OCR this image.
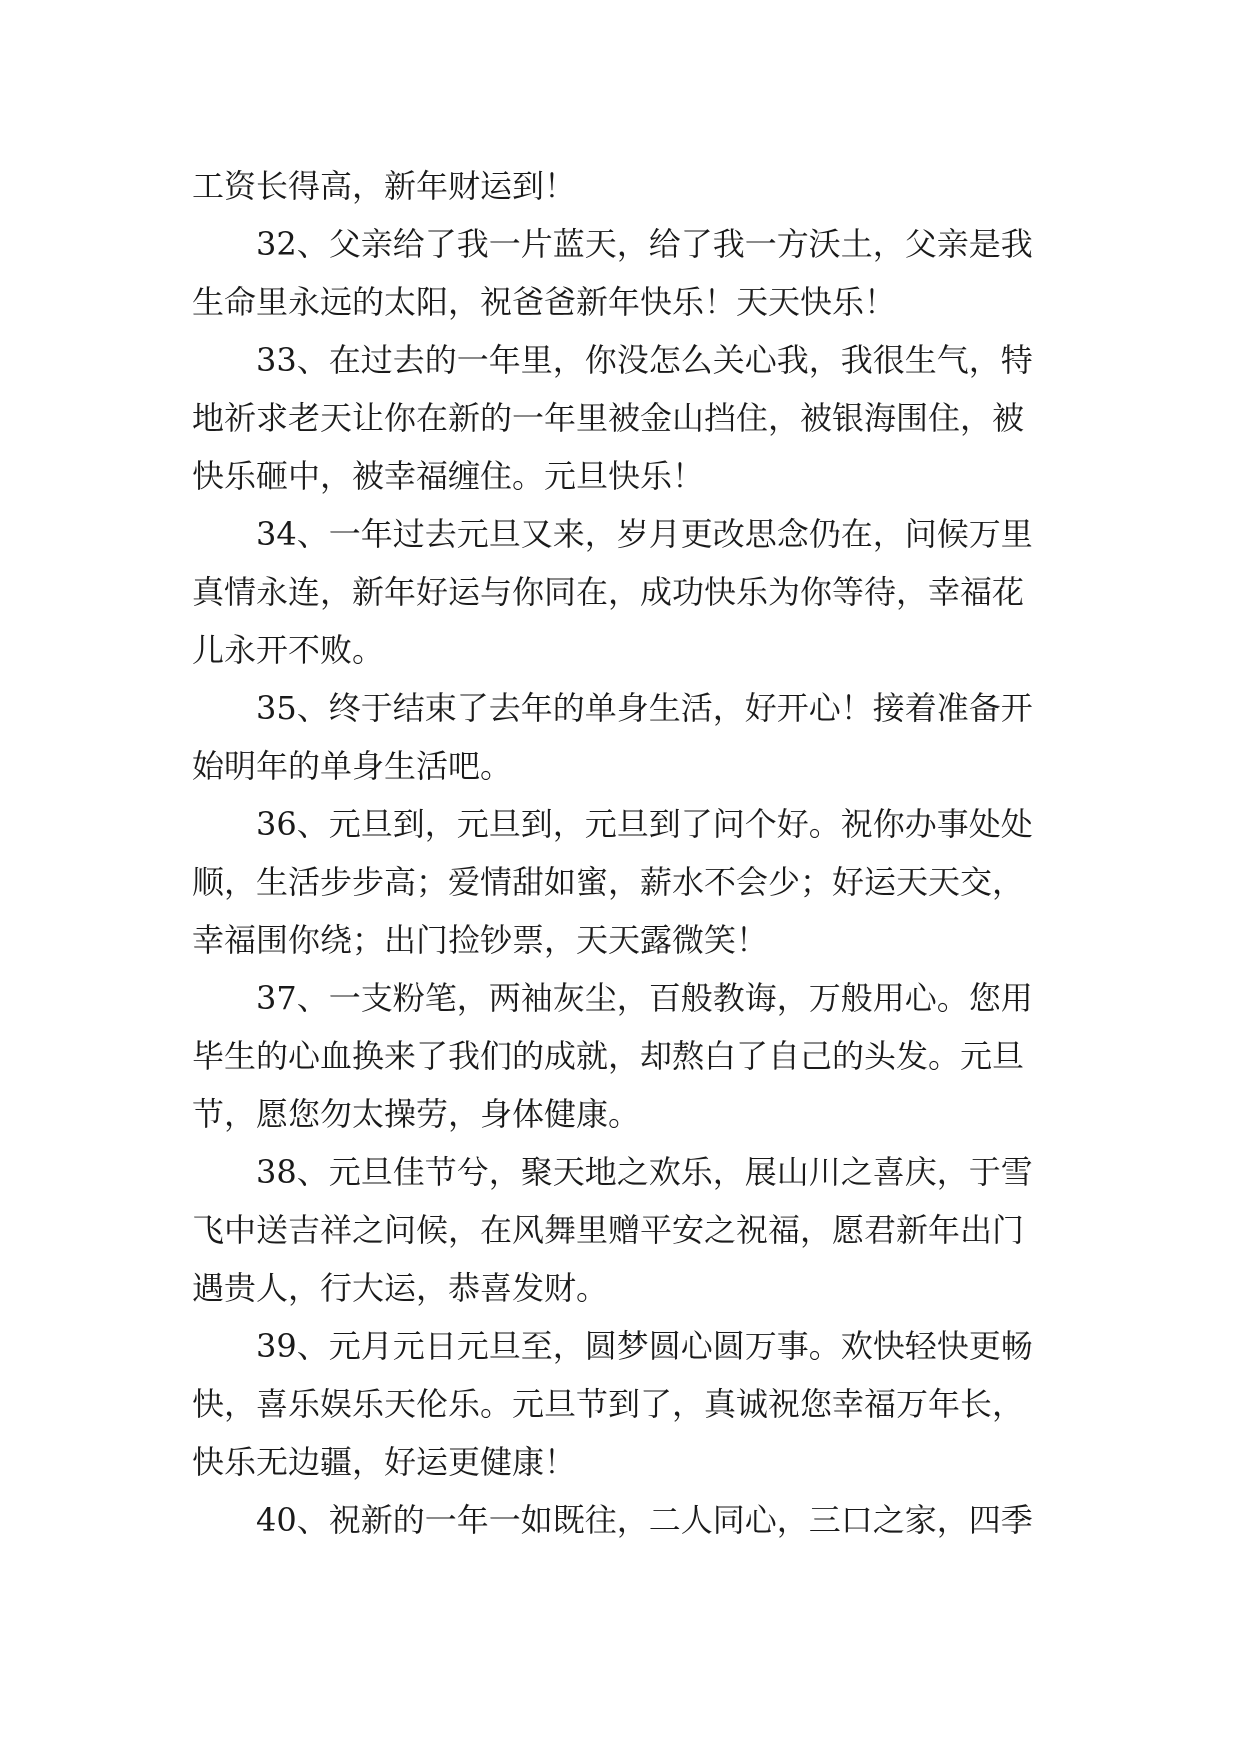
工资长得高，新年财运到！
32、父亲给了我一片蓝天，给了我一方沃土，父亲是我
生命里永远的太阳，祝爸爸新年快乐！天天快乐！
33、在过去的一年里，你没怎么关心我，我很生气，特
地祈求老天让你在新的一年里被金山挡住，被银海围住，被
快乐砸中，被幸福缠住。元旦快乐！
34、一年过去元旦又来，岁月更改思念仍在，问候万里
真情永连，新年好运与你同在，成功快乐为你等待，幸福花
儿永开不败。
35、终于结束了去年的单身生活，好开心！接着准备开
始明年的单身生活吧。
36、元旦到，元旦到，元旦到了问个好。祝你办事处处
顺，生活步步高；爱情甜如蜜，薪水不会少；好运天天交，
幸福围你绕；出门捡钞票，天天露微笑！
37、一支粉笔，两袖灰尘，百般教诲，万般用心。您用
毕生的心血换来了我们的成就，却熬白了自己的头发。元旦
节，愿您勿太操劳，身体健康。
38、元旦佳节兮，聚天地之欢乐，展山川之喜庆，于雪
飞中送吉祥之问候，在风舞里赠平安之祝福，愿君新年出门
遇贵人，行大运，恭喜发财。
39、元月元日元旦至，圆梦圆心圆万事。欢快轻快更畅
快，喜乐娱乐天伦乐。元旦节到了，真诚祝您幸福万年长，
快乐无边疆，好运更健康！
40、祝新的一年一如既往，二人同心，三口之家，四季
